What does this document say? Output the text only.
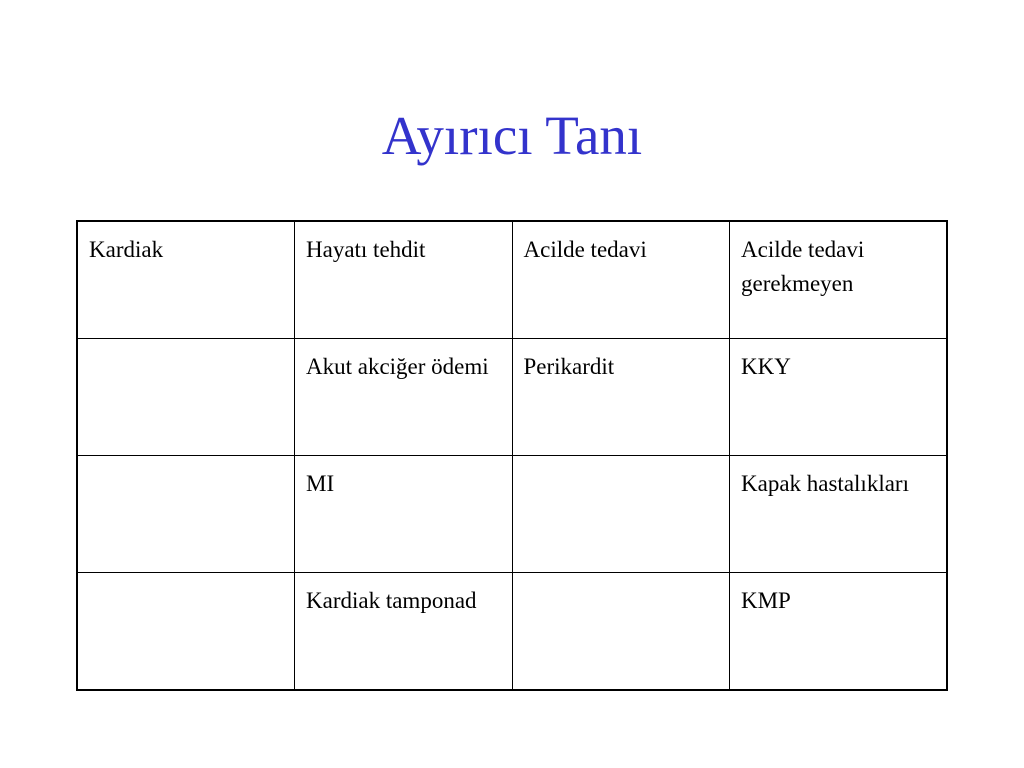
Ayırıcı Tanı
Kardiak	Hayatı tehdit	Acilde tedavi	Acilde tedavi gerekmeyen
	Akut akciğer ödemi	Perikardit	KKY
	MI		Kapak hastalıkları
	Kardiak tamponad		KMP
